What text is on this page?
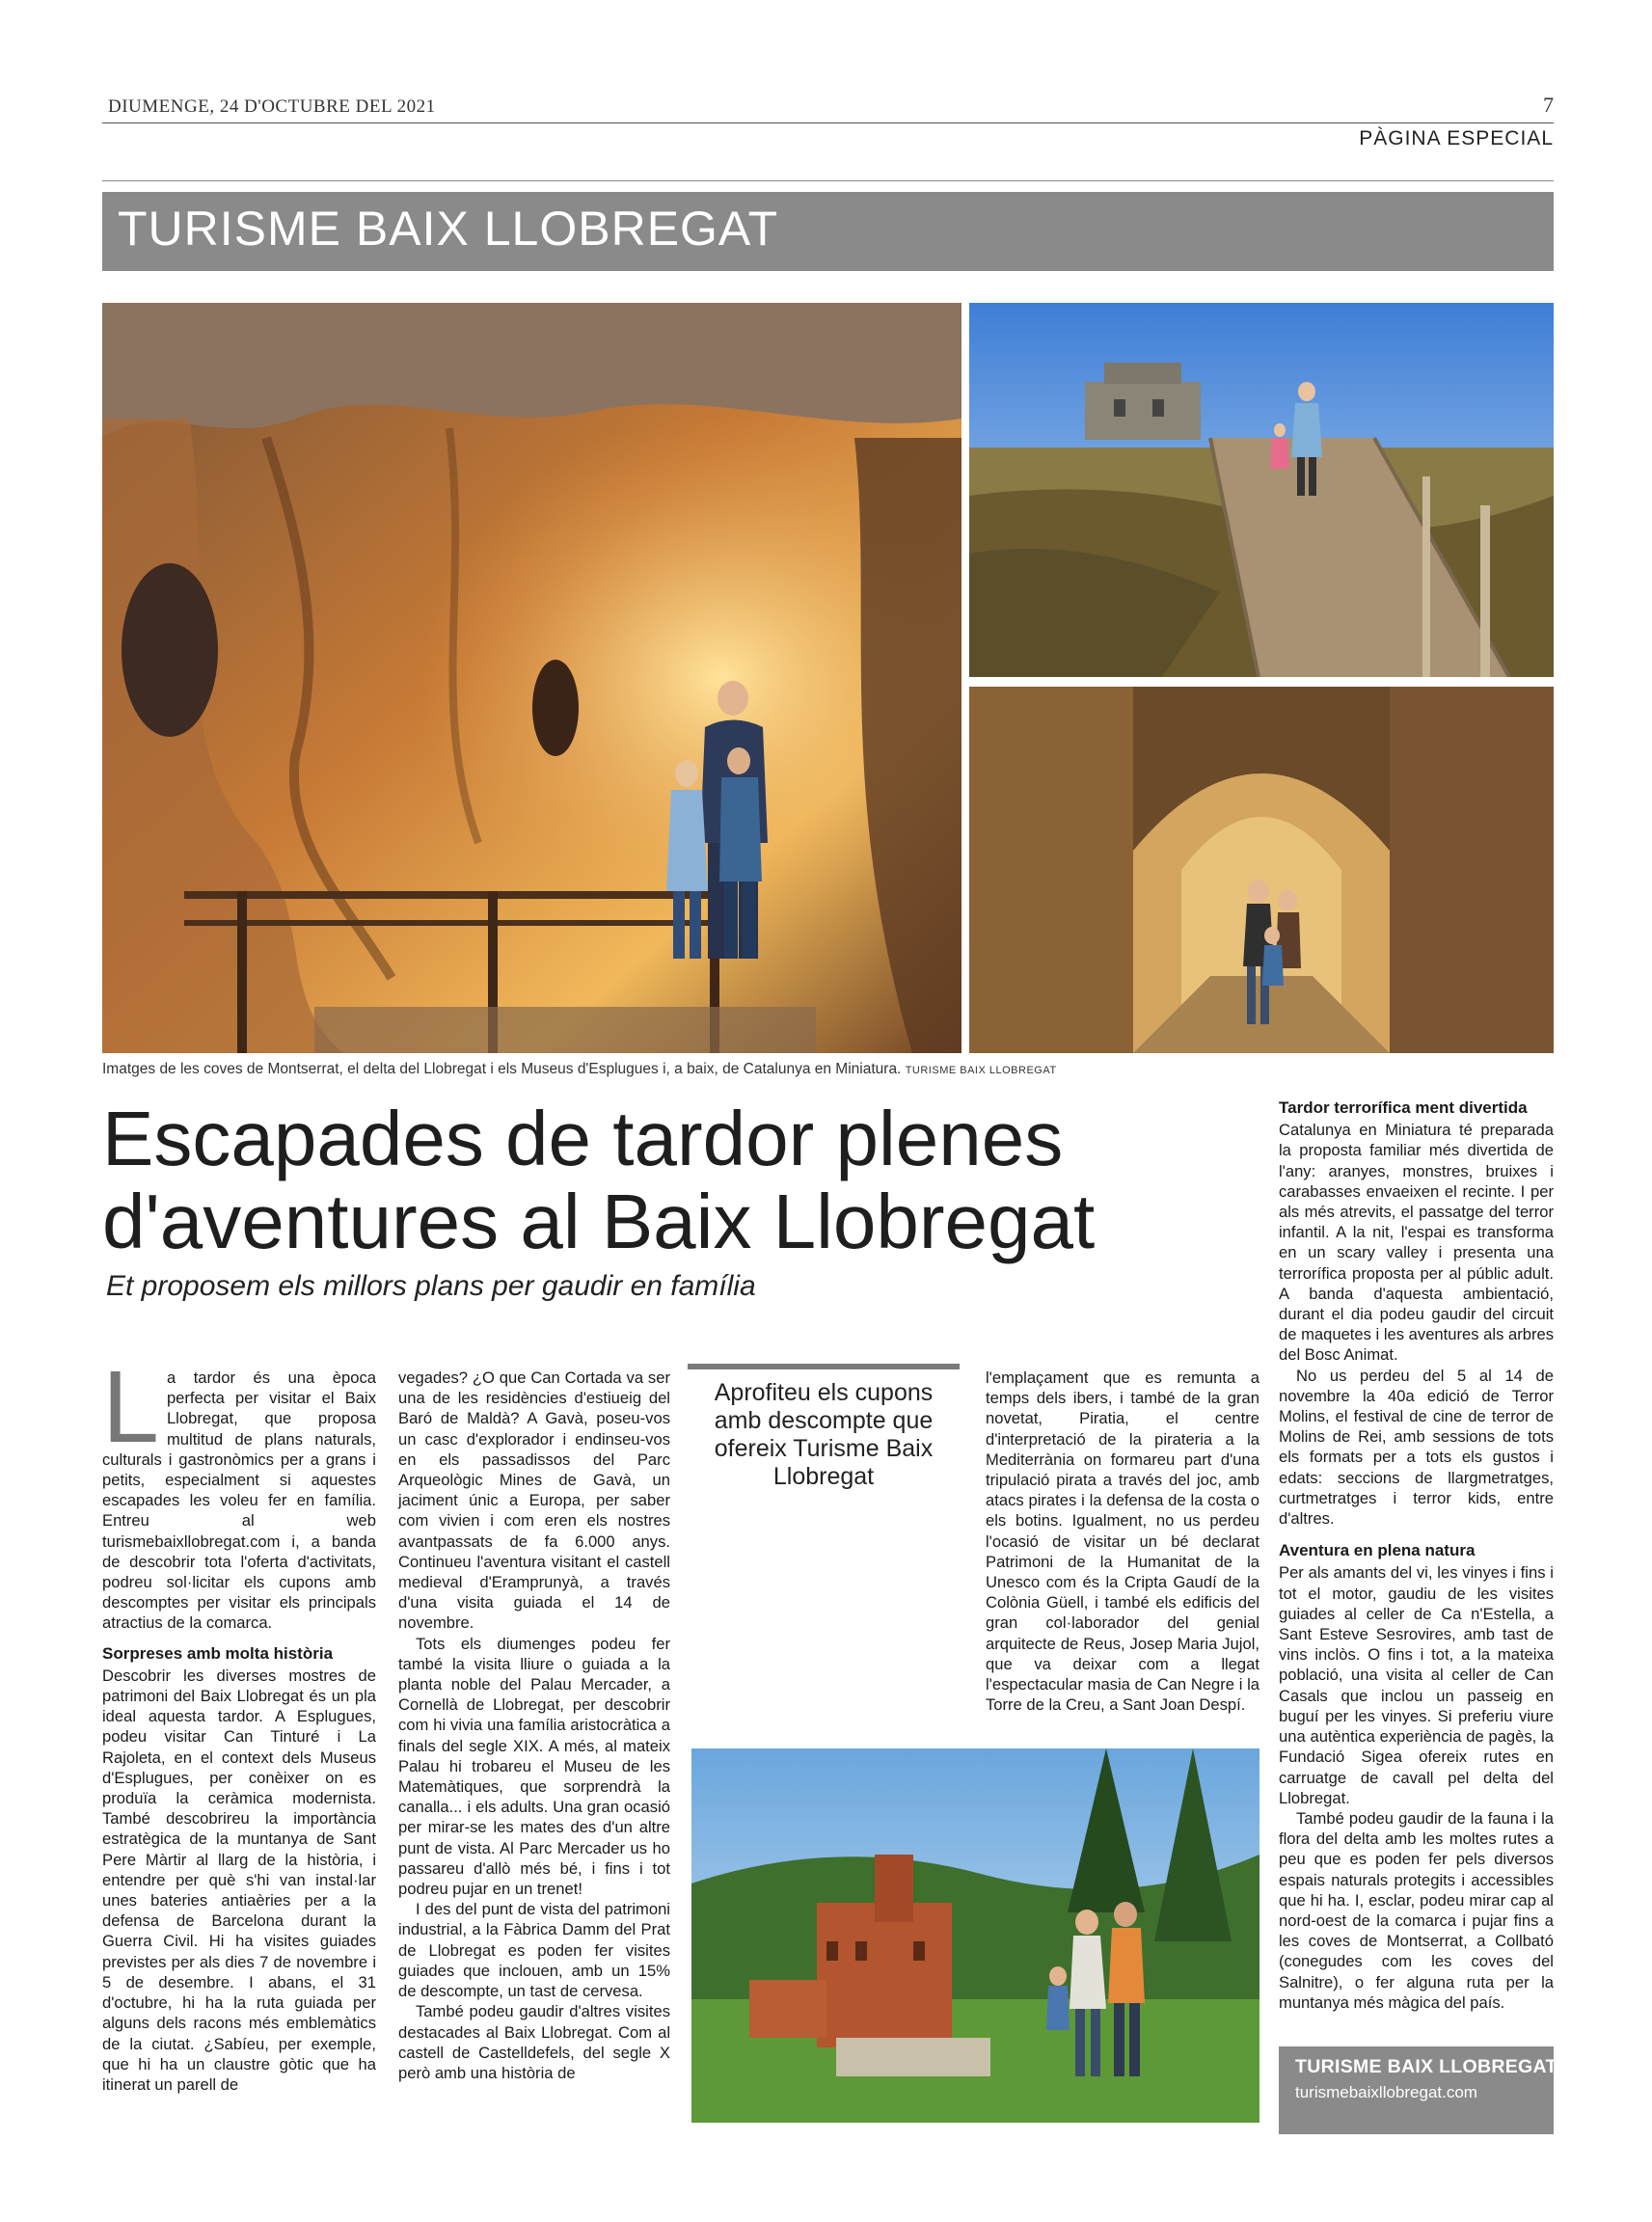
DIUMENGE, 24 D'OCTUBRE DEL 2021	7
PÀGINA ESPECIAL
TURISME BAIX LLOBREGAT
Imatges de les coves de Montserrat, el delta del Llobregat i els Museus d'Esplugues i, a baix, de Catalunya en Miniatura. TURISME BAIX LLOBREGAT
Escapades de tardor plenes
d'aventures al Baix Llobregat
Et proposem els millors plans per gaudir en família
L a tardor és una època perfecta per visitar el Baix Llobregat, que proposa multitud de plans naturals, culturals i gastronòmics per a grans i petits, especialment si aquestes escapades les voleu fer en família. Entreu al web turismebaixllobregat.com i, a banda de descobrir tota l'oferta d'activitats, podreu sol·licitar els cupons amb descomptes per visitar els principals atractius de la comarca.

Sorpreses amb molta història

Descobrir les diverses mostres de patrimoni del Baix Llobregat és un pla ideal aquesta tardor. A Esplugues, podeu visitar Can Tinturé i La Rajoleta, en el context dels Museus d'Esplugues, per conèixer on es produïa la ceràmica modernista. També descobrireu la importància estratègica de la muntanya de Sant Pere Màrtir al llarg de la història, i entendre per què s'hi van instal·lar unes bateries antiaèries per a la defensa de Barcelona durant la Guerra Civil. Hi ha visites guiades previstes per als dies 7 de novembre i 5 de desembre. I abans, el 31 d'octubre, hi ha la ruta guiada per alguns dels racons més emblemàtics de la ciutat. ¿Sabíeu, per exemple, que hi ha un claustre gòtic que ha itinerat un parell de

vegades? ¿O que Can Cortada va ser una de les residències d'estiueig del Baró de Maldà? A Gavà, poseu-vos un casc d'explorador i endinseu-vos en els passadissos del Parc Arqueològic Mines de Gavà, un jaciment únic a Europa, per saber com vivien i com eren els nostres avantpassats de fa 6.000 anys. Continueu l'aventura visitant el castell medieval d'Eramprunyà, a través d'una visita guiada el 14 de novembre.

Tots els diumenges podeu fer també la visita lliure o guiada a la planta noble del Palau Mercader, a Cornellà de Llobregat, per descobrir com hi vivia una família aristocràtica a finals del segle XIX. A més, al mateix Palau hi trobareu el Museu de les Matemàtiques, que sorprendrà la canalla... i els adults. Una gran ocasió per mirar-se les mates des d'un altre punt de vista. Al Parc Mercader us ho passareu d'allò més bé, i fins i tot podreu pujar en un trenet!

I des del punt de vista del patrimoni industrial, a la Fàbrica Damm del Prat de Llobregat es poden fer visites guiades que inclouen, amb un 15% de descompte, un tast de cervesa.

També podeu gaudir d'altres visites destacades al Baix Llobregat. Com al castell de Castelldefels, del segle X però amb una història de

Aprofiteu els cupons amb descompte que ofereix Turisme Baix Llobregat

l'emplaçament que es remunta a temps dels ibers, i també de la gran novetat, Piratia, el centre d'interpretació de la pirateria a la Mediterrània on formareu part d'una tripulació pirata a través del joc, amb atacs pirates i la defensa de la costa o els botins. Igualment, no us perdeu l'ocasió de visitar un bé declarat Patrimoni de la Humanitat de la Unesco com és la Cripta Gaudí de la Colònia Güell, i també els edificis del gran col·laborador del genial arquitecte de Reus, Josep Maria Jujol, que va deixar com a llegat l'espectacular masia de Can Negre i la Torre de la Creu, a Sant Joan Despí.

Tardor terrorífica ment divertida

Catalunya en Miniatura té preparada la proposta familiar més divertida de l'any: aranyes, monstres, bruixes i carabasses envaeixen el recinte. I per als més atrevits, el passatge del terror infantil. A la nit, l'espai es transforma en un scary valley i presenta una terrorífica proposta per al públic adult. A banda d'aquesta ambientació, durant el dia podeu gaudir del circuit de maquetes i les aventures als arbres del Bosc Animat.

No us perdeu del 5 al 14 de novembre la 40a edició de Terror Molins, el festival de cine de terror de Molins de Rei, amb sessions de tots els formats per a tots els gustos i edats: seccions de llargmetratges, curtmetratges i terror kids, entre d'altres.

Aventura en plena natura

Per als amants del vi, les vinyes i fins i tot el motor, gaudiu de les visites guiades al celler de Ca n'Estella, a Sant Esteve Sesrovires, amb tast de vins inclòs. O fins i tot, a la mateixa població, una visita al celler de Can Casals que inclou un passeig en buguí per les vinyes. Si preferiu viure una autèntica experiència de pagès, la Fundació Sigea ofereix rutes en carruatge de cavall pel delta del Llobregat.

També podeu gaudir de la fauna i la flora del delta amb les moltes rutes a peu que es poden fer pels diversos espais naturals protegits i accessibles que hi ha. I, esclar, podeu mirar cap al nord-oest de la comarca i pujar fins a les coves de Montserrat, a Collbató (conegudes com les coves del Salnitre), o fer alguna ruta per la muntanya més màgica del país.

TURISME BAIX LLOBREGAT
turismebaixllobregat.com
